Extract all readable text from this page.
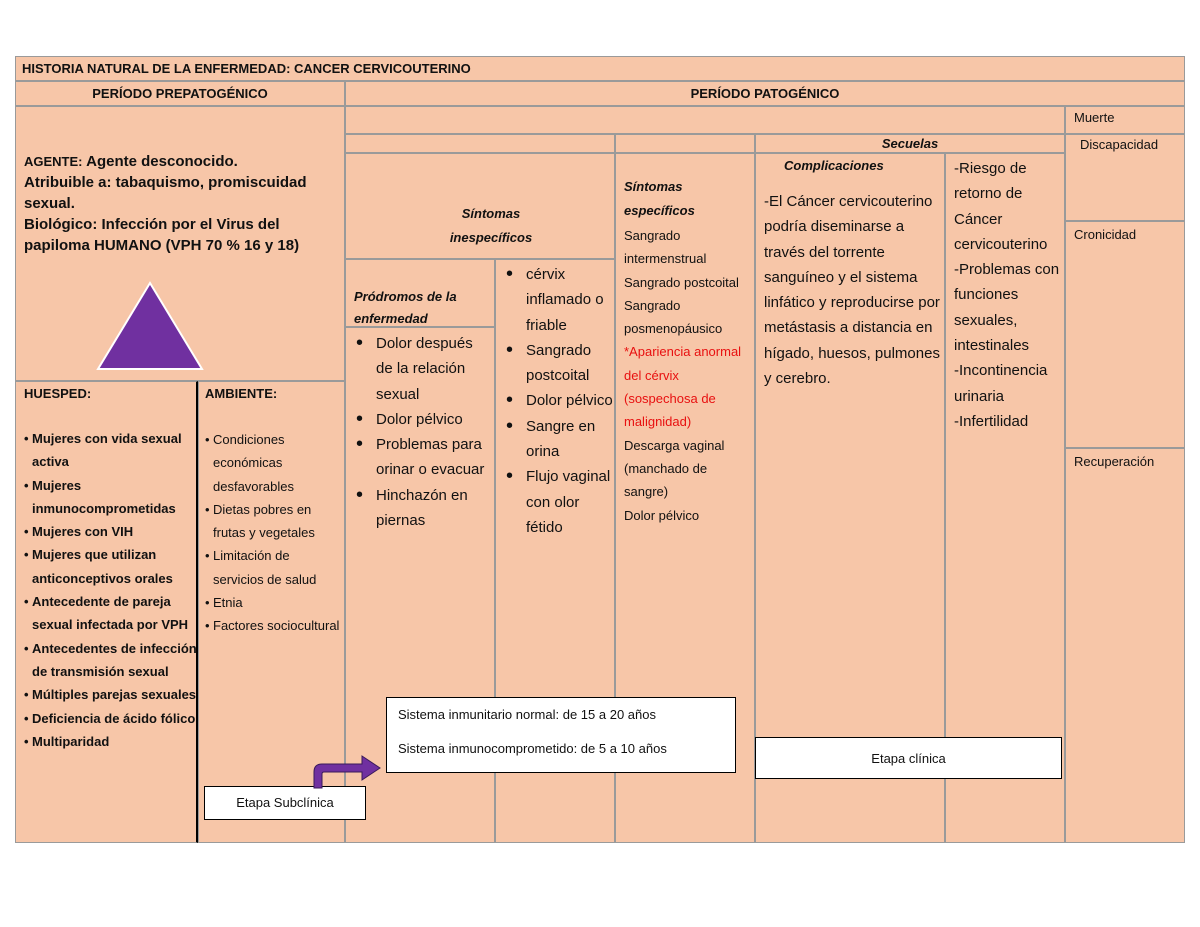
HISTORIA NATURAL DE LA ENFERMEDAD: CANCER CERVICOUTERINO
PERÍODO PREPATOGÉNICO	PERÍODO PATOGÉNICO
AGENTE: Agente desconocido.
Atribuible a: tabaquismo, promiscuidad sexual.
Biológico: Infección por el Virus del papiloma HUMANO (VPH 70 % 16 y 18)
HUESPED:
• Mujeres con vida sexual activa
• Mujeres inmunocomprometidas
• Mujeres con VIH
• Mujeres que utilizan anticonceptivos orales
• Antecedente de pareja sexual infectada por VPH
• Antecedentes de infección de transmisión sexual
• Múltiples parejas sexuales
• Deficiencia de ácido fólico
• Multiparidad
AMBIENTE:
• Condiciones económicas desfavorables
• Dietas pobres en frutas y vegetales
• Limitación de servicios de salud
• Etnia
• Factores sociocultural
Muerte
Discapacidad
Cronicidad
Recuperación
Secuelas
Síntomas inespecíficos
Pródromos de la enfermedad
• Dolor después de la relación sexual
• Dolor pélvico
• Problemas para orinar o evacuar
• Hinchazón en piernas
• cérvix inflamado o friable
• Sangrado postcoital
• Dolor pélvico
• Sangre en orina
• Flujo vaginal con olor fétido
Síntomas específicos
Sangrado intermenstrual
Sangrado postcoital
Sangrado posmenopáusico
*Apariencia anormal del cérvix
(sospechosa de malignidad)
Descarga vaginal (manchado de sangre)
Dolor pélvico
Complicaciones
-El Cáncer cervicouterino podría diseminarse a través del torrente sanguíneo y el sistema linfático y reproducirse por metástasis a distancia en hígado, huesos, pulmones y cerebro.
-Riesgo de retorno de Cáncer cervicouterino
-Problemas con funciones sexuales, intestinales
-Incontinencia urinaria
-Infertilidad
Sistema inmunitario normal: de 15 a 20 años
Sistema inmunocomprometido: de 5 a 10 años
Etapa Subclínica
Etapa clínica
